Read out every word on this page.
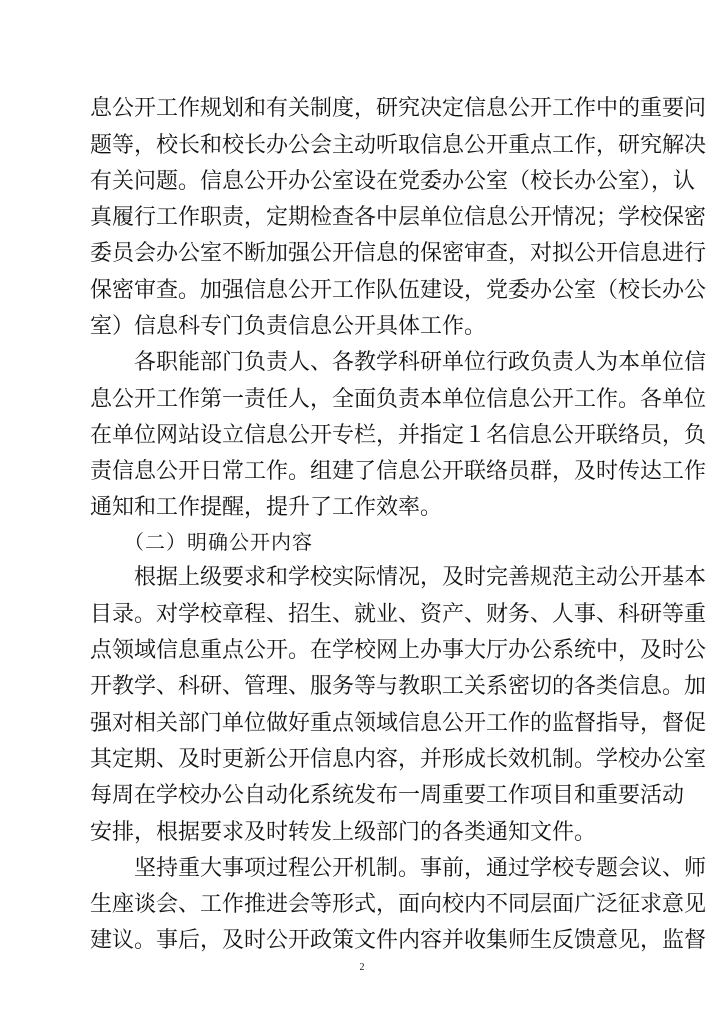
息公开工作规划和有关制度，研究决定信息公开工作中的重要问
题等，校长和校长办公会主动听取信息公开重点工作，研究解决
有关问题。信息公开办公室设在党委办公室（校长办公室），认
真履行工作职责，定期检查各中层单位信息公开情况；学校保密
委员会办公室不断加强公开信息的保密审查，对拟公开信息进行
保密审查。加强信息公开工作队伍建设，党委办公室（校长办公
室）信息科专门负责信息公开具体工作。
各职能部门负责人、各教学科研单位行政负责人为本单位信
息公开工作第一责任人，全面负责本单位信息公开工作。各单位
在单位网站设立信息公开专栏，并指定１名信息公开联络员，负
责信息公开日常工作。组建了信息公开联络员群，及时传达工作
通知和工作提醒，提升了工作效率。
（二）明确公开内容
根据上级要求和学校实际情况，及时完善规范主动公开基本
目录。对学校章程、招生、就业、资产、财务、人事、科研等重
点领域信息重点公开。在学校网上办事大厅办公系统中，及时公
开教学、科研、管理、服务等与教职工关系密切的各类信息。加
强对相关部门单位做好重点领域信息公开工作的监督指导，督促
其定期、及时更新公开信息内容，并形成长效机制。学校办公室
每周在学校办公自动化系统发布一周重要工作项目和重要活动
安排，根据要求及时转发上级部门的各类通知文件。
坚持重大事项过程公开机制。事前，通过学校专题会议、师
生座谈会、工作推进会等形式，面向校内不同层面广泛征求意见
建议。事后，及时公开政策文件内容并收集师生反馈意见，监督
2
